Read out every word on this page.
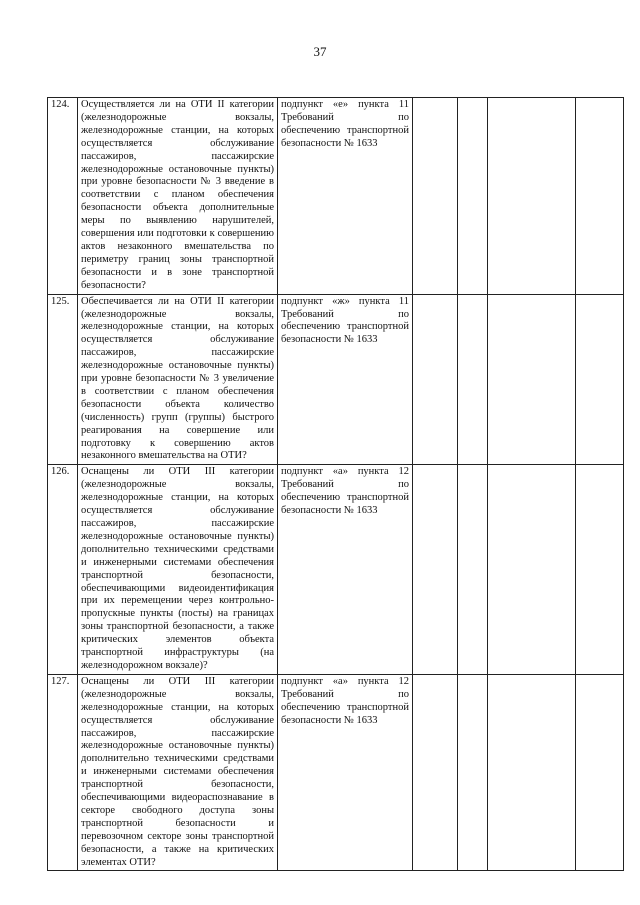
37
124.	Осуществляется ли на ОТИ II категории (железнодорожные вокзалы, железнодорожные станции, на которых осуществляется обслуживание пассажиров, пассажирские железнодорожные остановочные пункты) при уровне безопасности № 3 введение в соответствии с планом обеспечения безопасности объекта дополнительные меры по выявлению нарушителей, совершения или подготовки к совершению актов незаконного вмешательства по периметру границ зоны транспортной безопасности и в зоне транспортной безопасности?	подпункт «е» пункта 11 Требований по обеспечению транспортной безопасности № 1633				
125.	Обеспечивается ли на ОТИ II категории (железнодорожные вокзалы, железнодорожные станции, на которых осуществляется обслуживание пассажиров, пассажирские железнодорожные остановочные пункты) при уровне безопасности № 3 увеличение в соответствии с планом обеспечения безопасности объекта количество (численность) групп (группы) быстрого реагирования на совершение или подготовку к совершению актов незаконного вмешательства на ОТИ?	подпункт «ж» пункта 11 Требований по обеспечению транспортной безопасности № 1633				
126.	Оснащены ли ОТИ III категории (железнодорожные вокзалы, железнодорожные станции, на которых осуществляется обслуживание пассажиров, пассажирские железнодорожные остановочные пункты) дополнительно техническими средствами и инженерными системами обеспечения транспортной безопасности, обеспечивающими видеоидентификация при их перемещении через контрольно-пропускные пункты (посты) на границах зоны транспортной безопасности, а также критических элементов объекта транспортной инфраструктуры (на железнодорожном вокзале)?	подпункт «а» пункта 12 Требований по обеспечению транспортной безопасности № 1633				
127.	Оснащены ли ОТИ III категории (железнодорожные вокзалы, железнодорожные станции, на которых осуществляется обслуживание пассажиров, пассажирские железнодорожные остановочные пункты) дополнительно техническими средствами и инженерными системами обеспечения транспортной безопасности, обеспечивающими видеораспознавание в секторе свободного доступа зоны транспортной безопасности и перевозочном секторе зоны транспортной безопасности, а также на критических элементах ОТИ?	подпункт «а» пункта 12 Требований по обеспечению транспортной безопасности № 1633				
